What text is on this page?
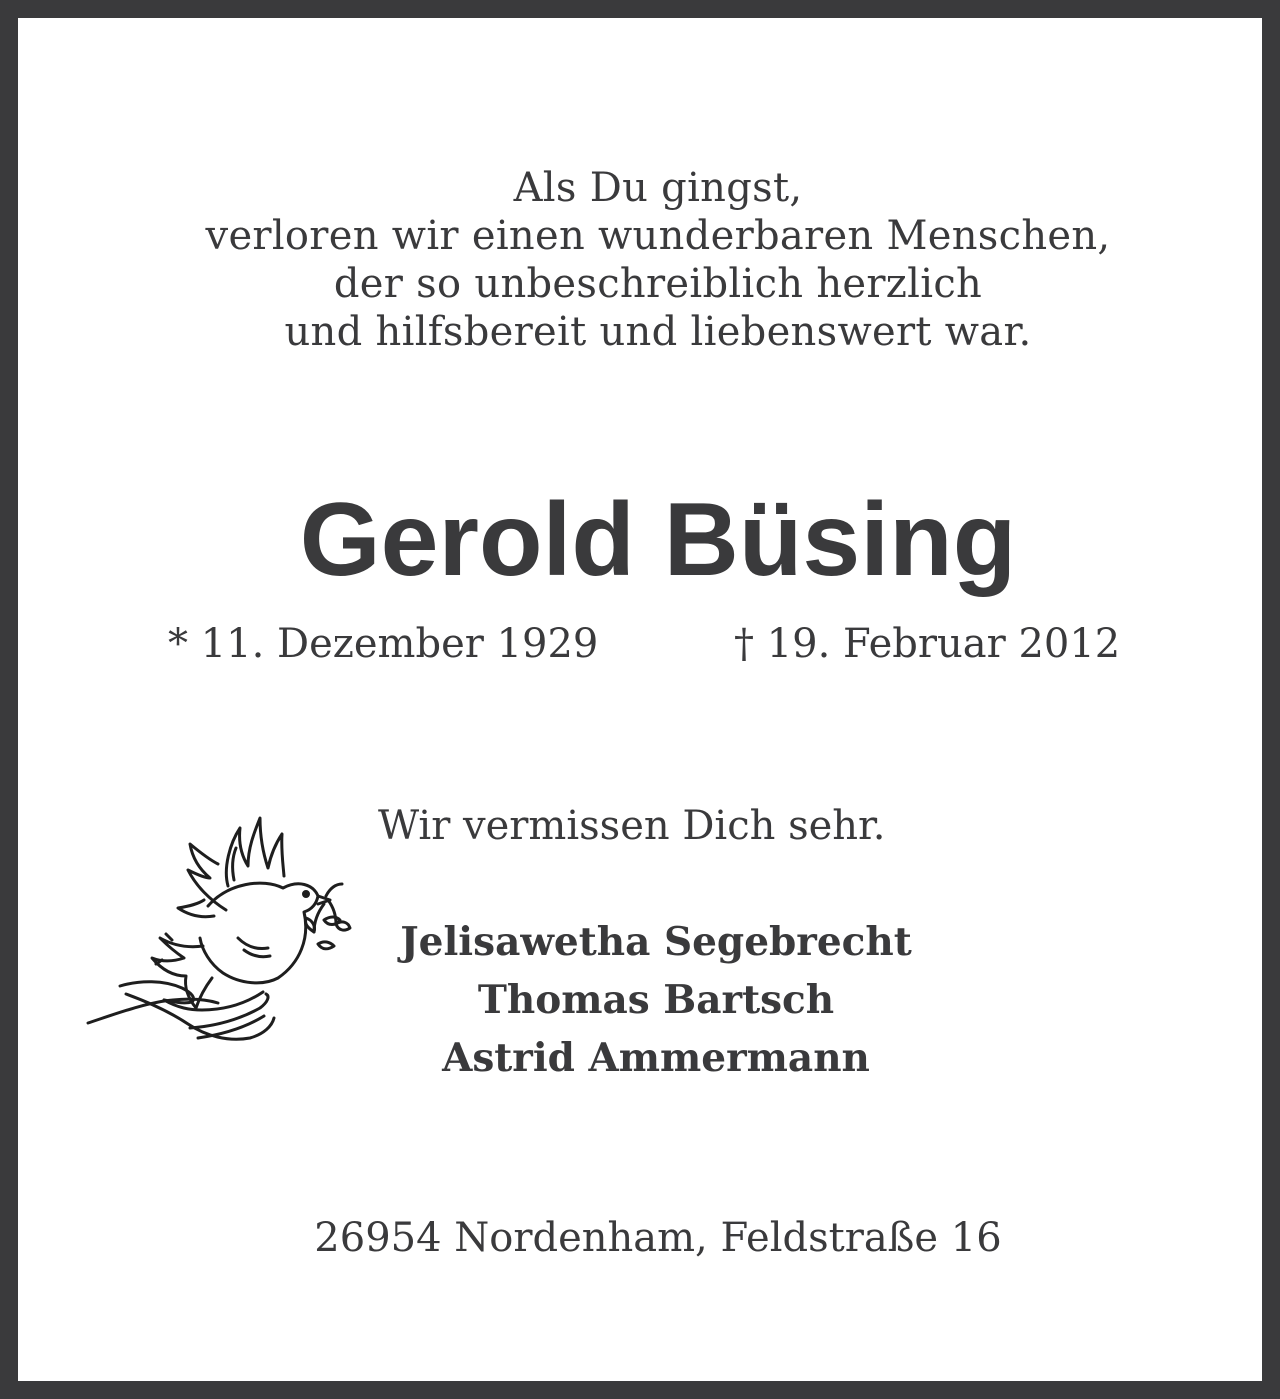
Als Du gingst,
verloren wir einen wunderbaren Menschen,
der so unbeschreiblich herzlich
und hilfsbereit und liebenswert war.
Gerold Büsing
* 11. Dezember 1929	† 19. Februar 2012
Wir vermissen Dich sehr.
Jelisawetha Segebrecht
Thomas Bartsch
Astrid Ammermann
26954 Nordenham, Feldstraße 16
